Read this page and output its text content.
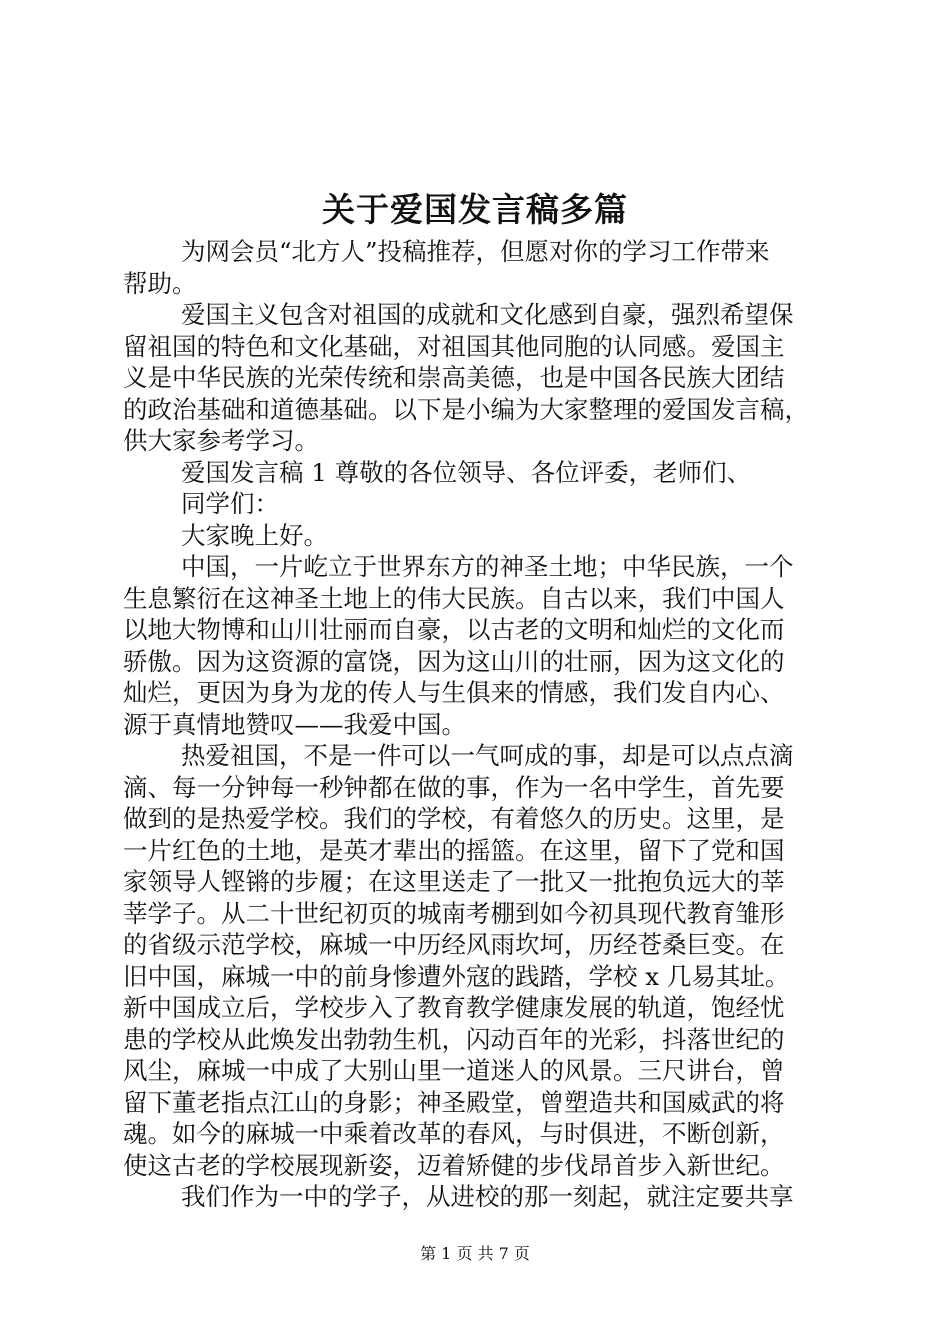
关于爱国发言稿多篇

为网会员“北方人”投稿推荐，但愿对你的学习工作带来

帮助。

爱国主义包含对祖国的成就和文化感到自豪，强烈希望保

留祖国的特色和文化基础，对祖国其他同胞的认同感。爱国主

义是中华民族的光荣传统和崇高美德，也是中国各民族大团结

的政治基础和道德基础。以下是小编为大家整理的爱国发言稿，

供大家参考学习。

爱国发言稿 1 尊敬的各位领导、各位评委，老师们、

同学们：

大家晚上好。

中国，一片屹立于世界东方的神圣土地；中华民族，一个

生息繁衍在这神圣土地上的伟大民族。自古以来，我们中国人

以地大物博和山川壮丽而自豪，以古老的文明和灿烂的文化而

骄傲。因为这资源的富饶，因为这山川的壮丽，因为这文化的

灿烂，更因为身为龙的传人与生俱来的情感，我们发自内心、

源于真情地赞叹——我爱中国。

热爱祖国，不是一件可以一气呵成的事，却是可以点点滴

滴、每一分钟每一秒钟都在做的事，作为一名中学生，首先要

做到的是热爱学校。我们的学校，有着悠久的历史。这里，是

一片红色的土地，是英才辈出的摇篮。在这里，留下了党和国

家领导人铿锵的步履；在这里送走了一批又一批抱负远大的莘

莘学子。从二十世纪初页的城南考棚到如今初具现代教育雏形

的省级示范学校，麻城一中历经风雨坎坷，历经苍桑巨变。在

旧中国，麻城一中的前身惨遭外寇的践踏，学校 x 几易其址。

新中国成立后，学校步入了教育教学健康发展的轨道，饱经忧

患的学校从此焕发出勃勃生机，闪动百年的光彩，抖落世纪的

风尘，麻城一中成了大别山里一道迷人的风景。三尺讲台，曾

留下董老指点江山的身影；神圣殿堂，曾塑造共和国威武的将

魂。如今的麻城一中乘着改革的春风，与时俱进，不断创新，

使这古老的学校展现新姿，迈着矫健的步伐昂首步入新世纪。

我们作为一中的学子，从进校的那一刻起，就注定要共享

第 1 页 共 7 页
